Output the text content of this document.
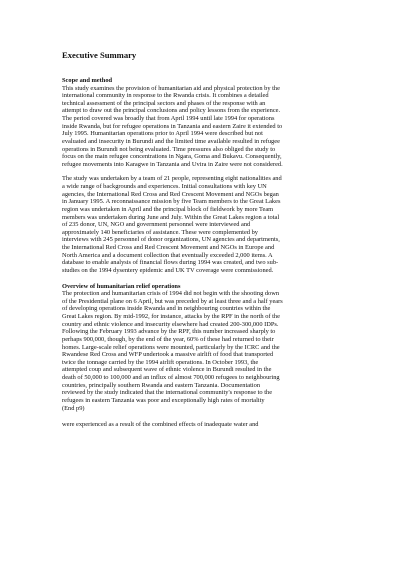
Executive Summary
Scope and method

This study examines the provision of humanitarian aid and physical protection by the
international community in response to the Rwanda crisis. It combines a detailed
technical assessment of the principal sectors and phases of the response with an
attempt to draw out the principal conclusions and policy lessons from the experience.
The period covered was broadly that from April 1994 until late 1994 for operations
inside Rwanda, but for refugee operations in Tanzania and eastern Zaire it extended to
July 1995. Humanitarian operations prior to April 1994 were described but not
evaluated and insecurity in Burundi and the limited time available resulted in refugee
operations in Burundi not being evaluated. Time pressures also obliged the study to
focus on the main refugee concentrations in Ngara, Goma and Bukavu. Consequently,
refugee movements into Karagwe in Tanzania and Uvira in Zaire were not considered.

The study was undertaken by a team of 21 people, representing eight nationalities and
a wide range of backgrounds and experiences. Initial consultations with key UN
agencies, the International Red Cross and Red Crescent Movement and NGOs began
in January 1995. A reconnaissance mission by five Team members to the Great Lakes
region was undertaken in April and the principal block of fieldwork by more Team
members was undertaken during June and July. Within the Great Lakes region a total
of 235 donor, UN, NGO and government personnel were interviewed and
approximately 140 beneficiaries of assistance. These were complemented by
interviews with 245 personnel of donor organizations, UN agencies and departments,
the International Red Cross and Red Crescent Movement and NGOs in Europe and
North America and a document collection that eventually exceeded 2,000 items. A
database to enable analysis of financial flows during 1994 was created, and two sub-
studies on the 1994 dysentery epidemic and UK TV coverage were commissioned.

Overview of humanitarian relief operations

The protection and humanitarian crisis of 1994 did not begin with the shooting down
of the Presidential plane on 6 April, but was preceded by at least three and a half years
of developing operations inside Rwanda and in neighbouring countries within the
Great Lakes region. By mid-1992, for instance, attacks by the RPF in the north of the
country and ethnic violence and insecurity elsewhere had created 200-300,000 IDPs.
Following the February 1993 advance by the RPF, this number increased sharply to
perhaps 900,000, though, by the end of the year, 60% of these had returned to their
homes. Large-scale relief operations were mounted, particularly by the ICRC and the
Rwandese Red Cross and WFP undertook a massive airlift of food that transported
twice the tonnage carried by the 1994 airlift operations. In October 1993, the
attempted coup and subsequent wave of ethnic violence in Burundi resulted in the
death of 50,000 to 100,000 and an influx of almost 700,000 refugees to neighbouring
countries, principally southern Rwanda and eastern Tanzania. Documentation
reviewed by the study indicated that the international community's response to the
refugees in eastern Tanzania was poor and exceptionally high rates of mortality
(End p9)

were experienced as a result of the combined effects of inadequate water and
